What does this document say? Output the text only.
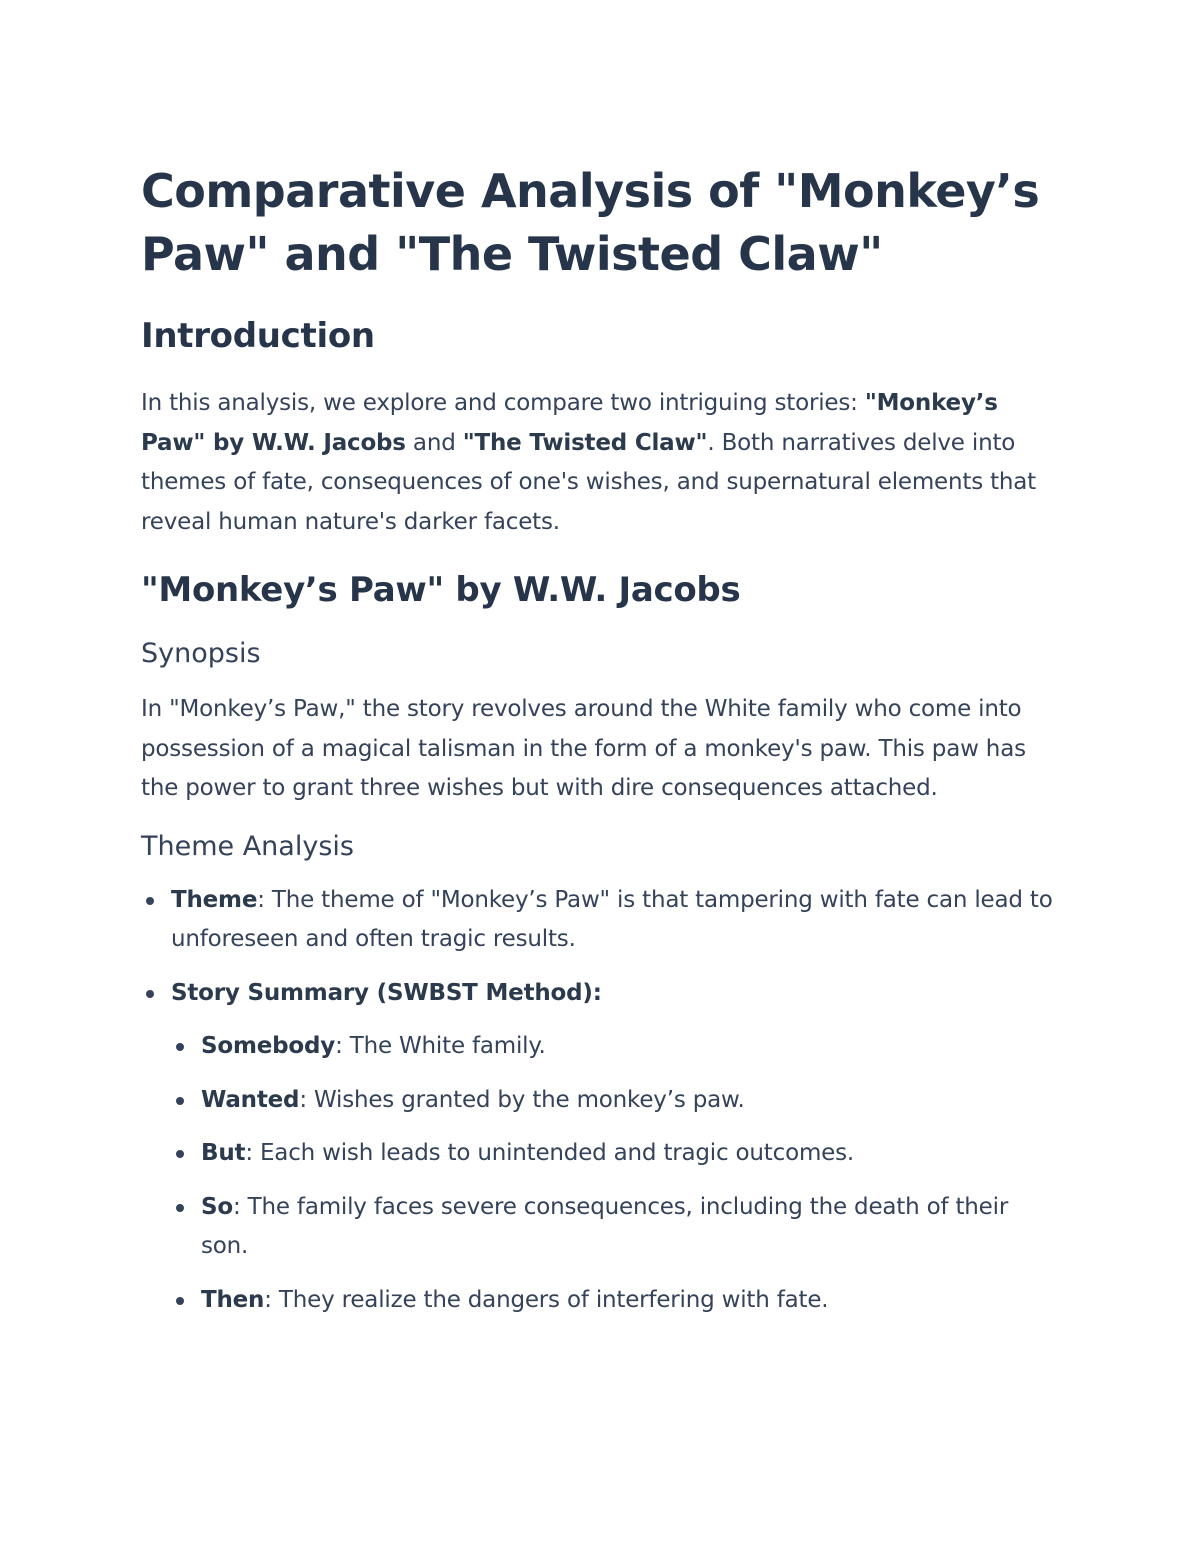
Comparative Analysis of "Monkey’s Paw" and "The Twisted Claw"
Introduction

In this analysis, we explore and compare two intriguing stories: "Monkey’s Paw" by W.W. Jacobs and "The Twisted Claw". Both narratives delve into themes of fate, consequences of one's wishes, and supernatural elements that reveal human nature's darker facets.

"Monkey’s Paw" by W.W. Jacobs
Synopsis

In "Monkey’s Paw," the story revolves around the White family who come into possession of a magical talisman in the form of a monkey's paw. This paw has the power to grant three wishes but with dire consequences attached.

Theme Analysis
Theme: The theme of "Monkey’s Paw" is that tampering with fate can lead to unforeseen and often tragic results.
Story Summary (SWBST Method):
Somebody: The White family.
Wanted: Wishes granted by the monkey’s paw.
But: Each wish leads to unintended and tragic outcomes.
So: The family faces severe consequences, including the death of their son.
Then: They realize the dangers of interfering with fate.
